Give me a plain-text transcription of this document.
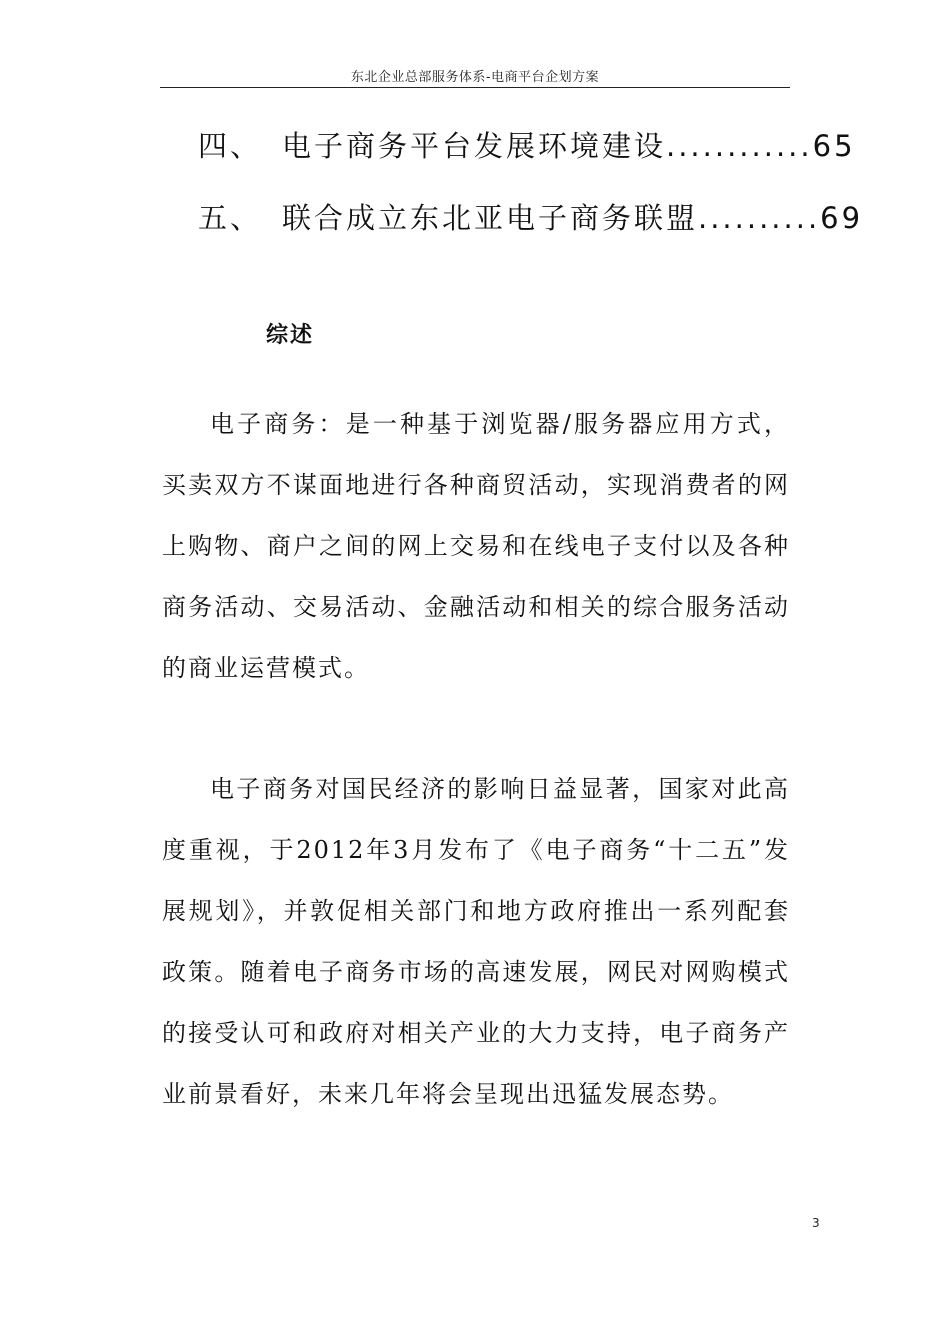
东北企业总部服务体系-电商平台企划方案
四、 电子商务平台发展环境建设............65
五、 联合成立东北亚电子商务联盟..........69
综述

电子商务：是一种基于浏览器/服务器应用方式，买卖双方不谋面地进行各种商贸活动，实现消费者的网上购物、商户之间的网上交易和在线电子支付以及各种商务活动、交易活动、金融活动和相关的综合服务活动的商业运营模式。

电子商务对国民经济的影响日益显著，国家对此高度重视，于2012年3月发布了《电子商务“十二五”发展规划》，并敦促相关部门和地方政府推出一系列配套政策。随着电子商务市场的高速发展，网民对网购模式的接受认可和政府对相关产业的大力支持，电子商务产业前景看好，未来几年将会呈现出迅猛发展态势。

3
